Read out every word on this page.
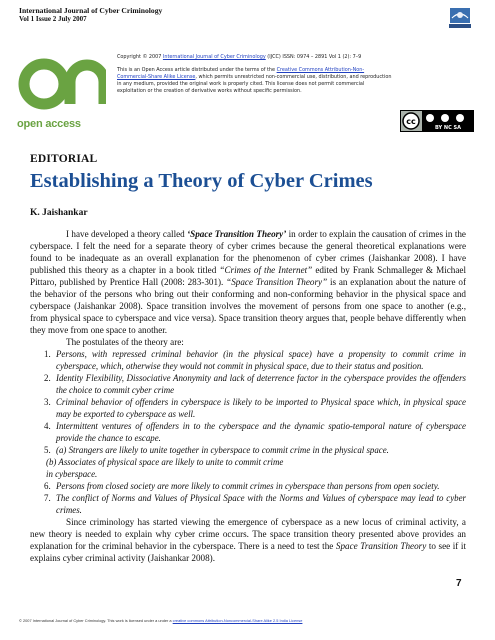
International Journal of Cyber Criminology
Vol 1 Issue 2 July 2007
open access
Copyright © 2007 International Journal of Cyber Criminology (IJCC) ISSN: 0974 – 2891 Vol 1 (2): 7–9
This is an Open Access article distributed under the terms of the Creative Commons Attribution-Non-Commercial-Share Alike License, which permits unrestricted non-commercial use, distribution, and reproduction in any medium, provided the original work is properly cited. This license does not permit commercial exploitation or the creation of derivative works without specific permission.
cc
BY NC SA
EDITORIAL
Establishing a Theory of Cyber Crimes
K. Jaishankar

I have developed a theory called ‘Space Transition Theory’ in order to explain the causation of crimes in the cyberspace. I felt the need for a separate theory of cyber crimes because the general theoretical explanations were found to be inadequate as an overall explanation for the phenomenon of cyber crimes (Jaishankar 2008). I have published this theory as a chapter in a book titled “Crimes of the Internet” edited by Frank Schmalleger & Michael Pittaro, published by Prentice Hall (2008: 283-301). “Space Transition Theory” is an explanation about the nature of the behavior of the persons who bring out their conforming and non-conforming behavior in the physical space and cyberspace (Jaishankar 2008). Space transition involves the movement of persons from one space to another (e.g., from physical space to cyberspace and vice versa). Space transition theory argues that, people behave differently when they move from one space to another.

The postulates of the theory are:
1. Persons, with repressed criminal behavior (in the physical space) have a propensity to commit crime in cyberspace, which, otherwise they would not commit in physical space, due to their status and position.
2. Identity Flexibility, Dissociative Anonymity and lack of deterrence factor in the cyberspace provides the offenders the choice to commit cyber crime
3. Criminal behavior of offenders in cyberspace is likely to be imported to Physical space which, in physical space may be exported to cyberspace as well.
4. Intermittent ventures of offenders in to the cyberspace and the dynamic spatio-temporal nature of cyberspace provide the chance to escape.
5. (a) Strangers are likely to unite together in cyberspace to commit crime in the physical space.
(b) Associates of physical space are likely to unite to commit crime
in cyberspace.
6. Persons from closed society are more likely to commit crimes in cyberspace than persons from open society.
7. The conflict of Norms and Values of Physical Space with the Norms and Values of cyberspace may lead to cyber crimes.

Since criminology has started viewing the emergence of cyberspace as a new locus of criminal activity, a new theory is needed to explain why cyber crime occurs. The space transition theory presented above provides an explanation for the criminal behavior in the cyberspace. There is a need to test the Space Transition Theory to see if it explains cyber criminal activity (Jaishankar 2008).

7
© 2007 International Journal of Cyber Criminology. This work is licensed under a under a creative commons Attribution-Noncommercial-Share Alike 2.5 India License
